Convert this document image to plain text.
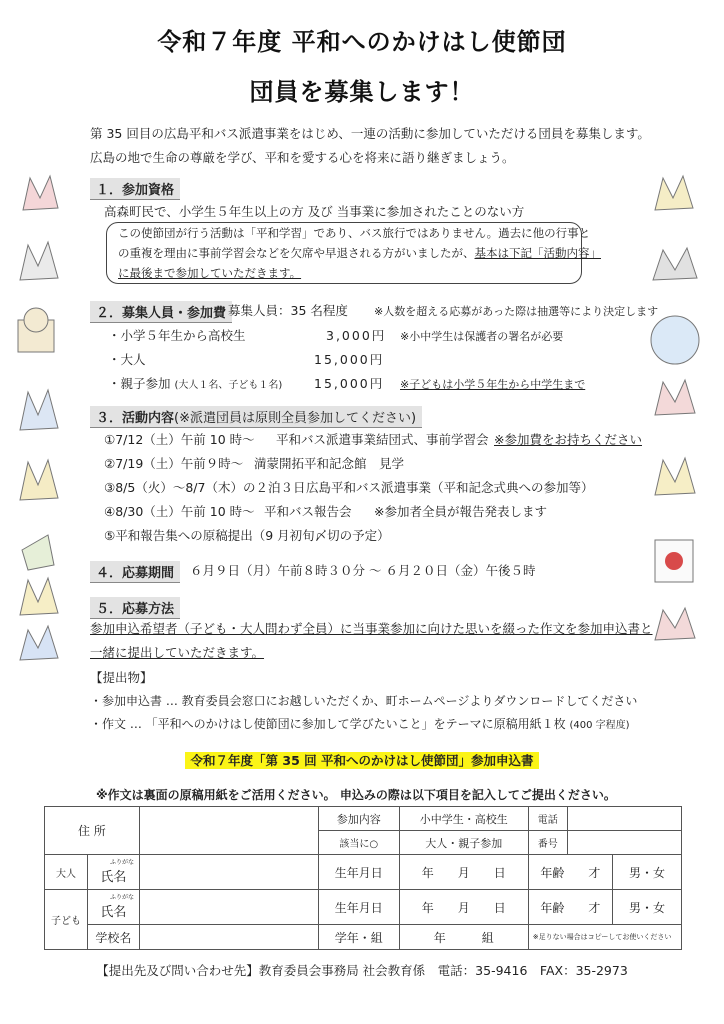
令和７年度 平和へのかけはし使節団
団員を募集します！
第 35 回目の広島平和バス派遣事業をはじめ、一連の活動に参加していただける団員を募集します。
広島の地で生命の尊厳を学び、平和を愛する心を将来に語り継ぎましょう。
１．参加資格
高森町民で、小学生５年生以上の方 及び 当事業に参加されたことのない方
この使節団が行う活動は「平和学習」であり、バス旅行ではありません。過去に他の行事と
の重複を理由に事前学習会などを欠席や早退される方がいましたが、基本は下記「活動内容」
に最後まで参加していただきます。
２．募集人員・参加費 募集人員：35 名程度 ※人数を超える応募があった際は抽選等により決定します
・小学５年生から高校生	3,000円 ※小中学生は保護者の署名が必要
・大人	15,000円
・親子参加 (大人１名、子ども１名)	15,000円 ※子どもは小学５年生から中学生まで
３．活動内容(※派遣団員は原則全員参加してください)
①7/12（土）午前 10 時～ 平和バス派遣事業結団式、事前学習会 ※参加費をお持ちください
②7/19（土）午前９時～ 満蒙開拓平和記念館　見学
③8/5（火）～8/7（木）の２泊３日 広島平和バス派遣事業（平和記念式典への参加等）
④8/30（土）午前 10 時～ 平和バス報告会 ※参加者全員が報告発表します
⑤平和報告集への原稿提出（9 月初旬〆切の予定）
４．応募期間	６月９日（月）午前８時３０分 ～ ６月２０日（金）午後５時
５．応募方法
参加申込希望者（子ども・大人問わず全員）に当事業参加に向けた思いを綴った作文を参加申込書と
一緒に提出していただきます。
【提出物】
・参加申込書 … 教育委員会窓口にお越しいただくか、町ホームページよりダウンロードしてください
・作文 … 「平和へのかけはし使節団に参加して学びたいこと」をテーマに原稿用紙１枚 (400 字程度)
令和７年度「第 35 回 平和へのかけはし使節団」参加申込書
※作文は裏面の原稿用紙をご活用ください。 申込みの際は以下項目を記入してご提出ください。
住 所			参加内容	小中学生・高校生	電話		
			該当に○	大人・親子参加	番号		
大人	ふりがな
氏名		生年月日	年　　月　　日	年齢　　才		男・女
子ども	ふりがな
氏名		生年月日	年　　月　　日	年齢　　才		男・女
	学校名		学年・組	年　　　組	※足りない場合はコピーしてお使いください		
【提出先及び問い合わせ先】教育委員会事務局 社会教育係　電話：35-9416　FAX：35-2973
